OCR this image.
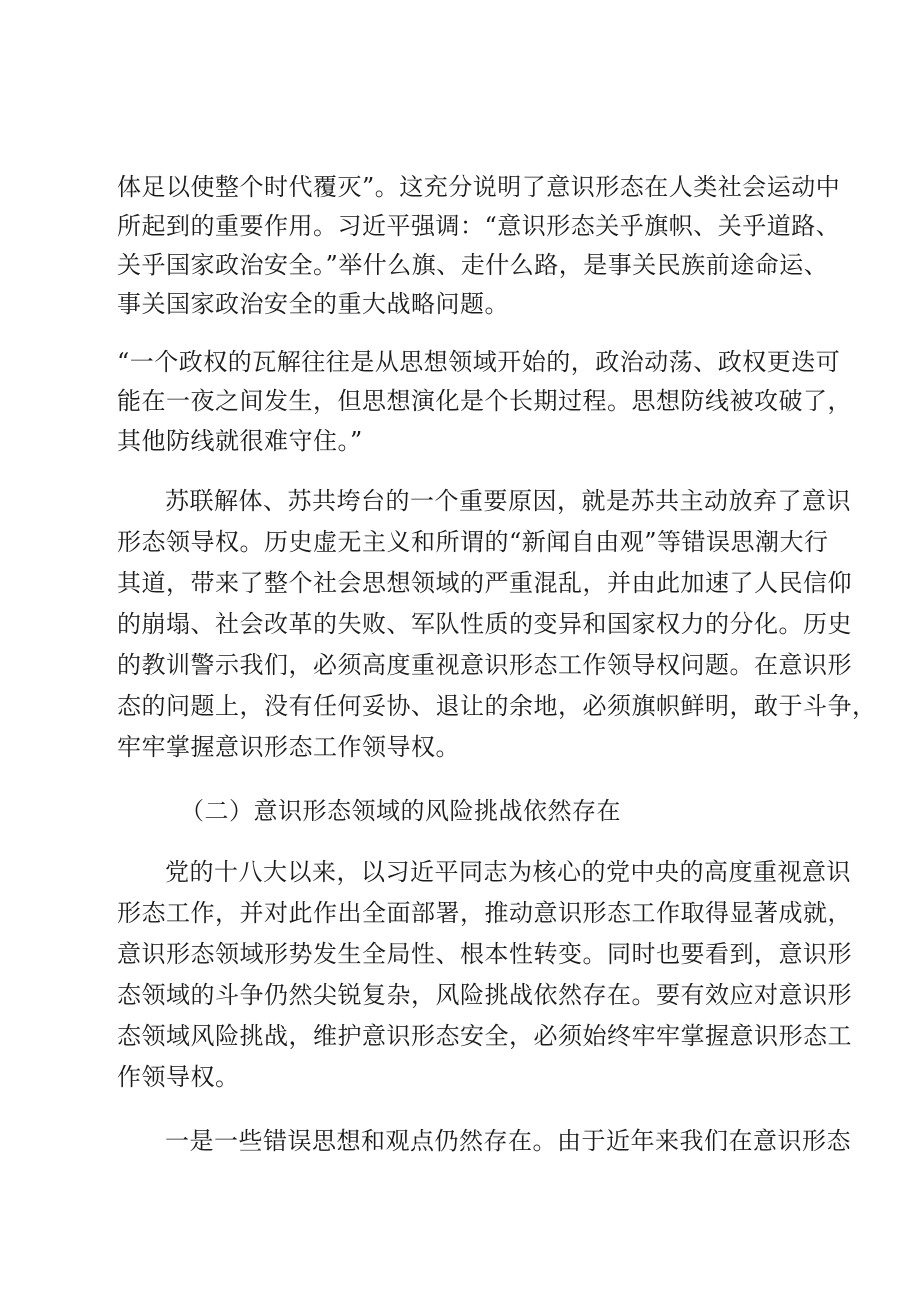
体足以使整个时代覆灭”。这充分说明了意识形态在人类社会运动中
所起到的重要作用。习近平强调：“意识形态关乎旗帜、关乎道路、
关乎国家政治安全。”举什么旗、走什么路，是事关民族前途命运、
事关国家政治安全的重大战略问题。
“一个政权的瓦解往往是从思想领域开始的，政治动荡、政权更迭可
能在一夜之间发生，但思想演化是个长期过程。思想防线被攻破了，
其他防线就很难守住。”
苏联解体、苏共垮台的一个重要原因，就是苏共主动放弃了意识
形态领导权。历史虚无主义和所谓的“新闻自由观”等错误思潮大行
其道，带来了整个社会思想领域的严重混乱，并由此加速了人民信仰
的崩塌、社会改革的失败、军队性质的变异和国家权力的分化。历史
的教训警示我们，必须高度重视意识形态工作领导权问题。在意识形
态的问题上，没有任何妥协、退让的余地，必须旗帜鲜明，敢于斗争，
牢牢掌握意识形态工作领导权。
（二）意识形态领域的风险挑战依然存在
党的十八大以来，以习近平同志为核心的党中央的高度重视意识
形态工作，并对此作出全面部署，推动意识形态工作取得显著成就，
意识形态领域形势发生全局性、根本性转变。同时也要看到，意识形
态领域的斗争仍然尖锐复杂，风险挑战依然存在。要有效应对意识形
态领域风险挑战，维护意识形态安全，必须始终牢牢掌握意识形态工
作领导权。
一是一些错误思想和观点仍然存在。由于近年来我们在意识形态
